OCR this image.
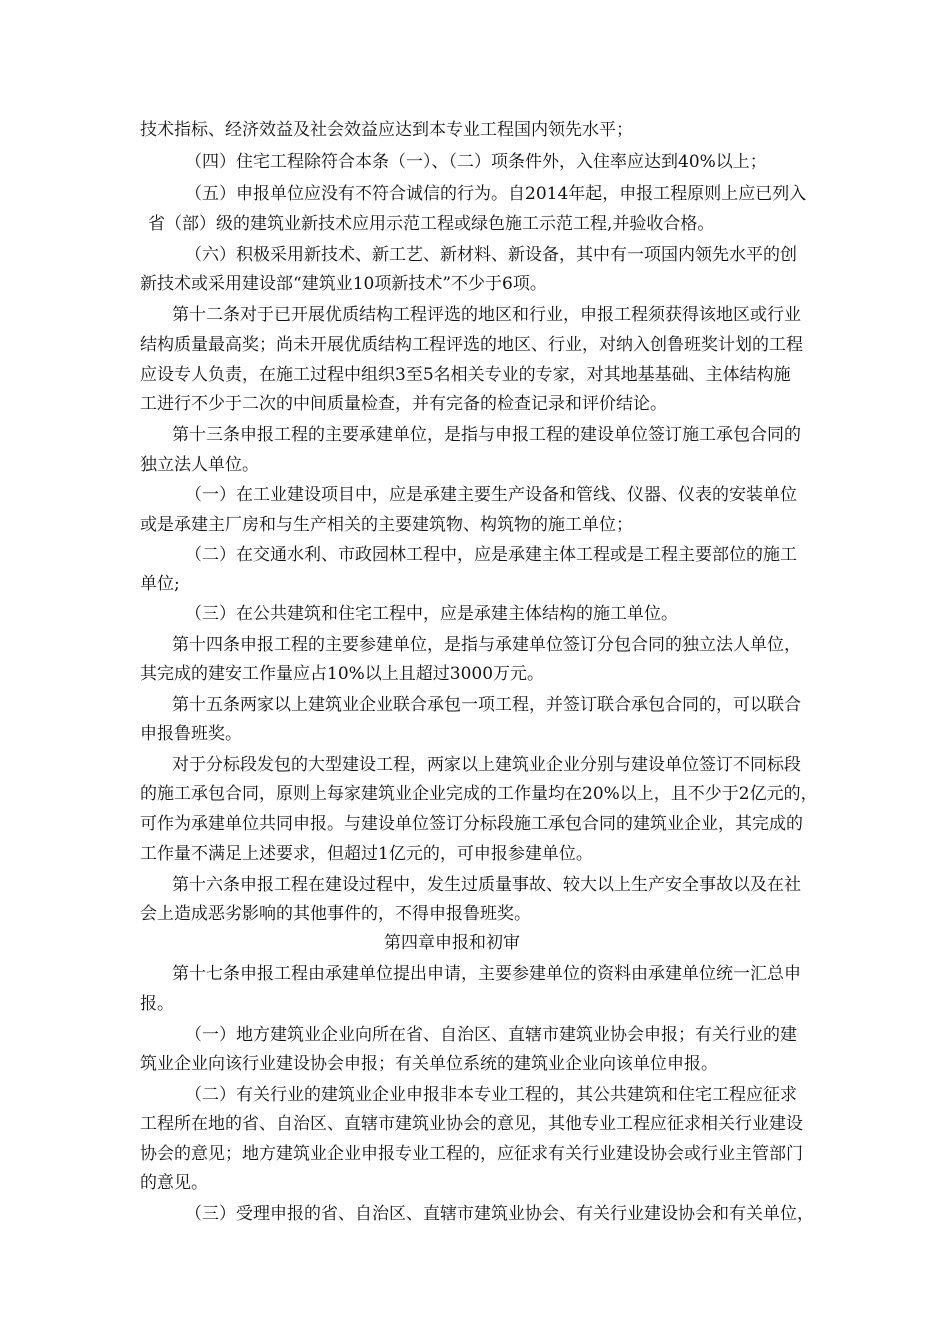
技术指标、经济效益及社会效益应达到本专业工程国内领先水平；
（四）住宅工程除符合本条（一）、（二）项条件外，入住率应达到40%以上；
（五）申报单位应没有不符合诚信的行为。自2014年起，申报工程原则上应已列入
省（部）级的建筑业新技术应用示范工程或绿色施工示范工程,并验收合格。
（六）积极采用新技术、新工艺、新材料、新设备，其中有一项国内领先水平的创
新技术或采用建设部“建筑业10项新技术”不少于6项。
第十二条对于已开展优质结构工程评选的地区和行业，申报工程须获得该地区或行业
结构质量最高奖；尚未开展优质结构工程评选的地区、行业，对纳入创鲁班奖计划的工程
应设专人负责，在施工过程中组织3至5名相关专业的专家，对其地基基础、主体结构施
工进行不少于二次的中间质量检查，并有完备的检查记录和评价结论。
第十三条申报工程的主要承建单位，是指与申报工程的建设单位签订施工承包合同的
独立法人单位。
（一）在工业建设项目中，应是承建主要生产设备和管线、仪器、仪表的安装单位
或是承建主厂房和与生产相关的主要建筑物、构筑物的施工单位；
（二）在交通水利、市政园林工程中，应是承建主体工程或是工程主要部位的施工
单位;
（三）在公共建筑和住宅工程中，应是承建主体结构的施工单位。
第十四条申报工程的主要参建单位，是指与承建单位签订分包合同的独立法人单位，
其完成的建安工作量应占10%以上且超过3000万元。
第十五条两家以上建筑业企业联合承包一项工程，并签订联合承包合同的，可以联合
申报鲁班奖。
对于分标段发包的大型建设工程，两家以上建筑业企业分别与建设单位签订不同标段
的施工承包合同，原则上每家建筑业企业完成的工作量均在20%以上，且不少于2亿元的，
可作为承建单位共同申报。与建设单位签订分标段施工承包合同的建筑业企业，其完成的
工作量不满足上述要求，但超过1亿元的，可申报参建单位。
第十六条申报工程在建设过程中，发生过质量事故、较大以上生产安全事故以及在社
会上造成恶劣影响的其他事件的，不得申报鲁班奖。
第四章申报和初审
第十七条申报工程由承建单位提出申请，主要参建单位的资料由承建单位统一汇总申
报。
（一）地方建筑业企业向所在省、自治区、直辖市建筑业协会申报；有关行业的建
筑业企业向该行业建设协会申报；有关单位系统的建筑业企业向该单位申报。
（二）有关行业的建筑业企业申报非本专业工程的，其公共建筑和住宅工程应征求
工程所在地的省、自治区、直辖市建筑业协会的意见，其他专业工程应征求相关行业建设
协会的意见；地方建筑业企业申报专业工程的，应征求有关行业建设协会或行业主管部门
的意见。
（三）受理申报的省、自治区、直辖市建筑业协会、有关行业建设协会和有关单位，
